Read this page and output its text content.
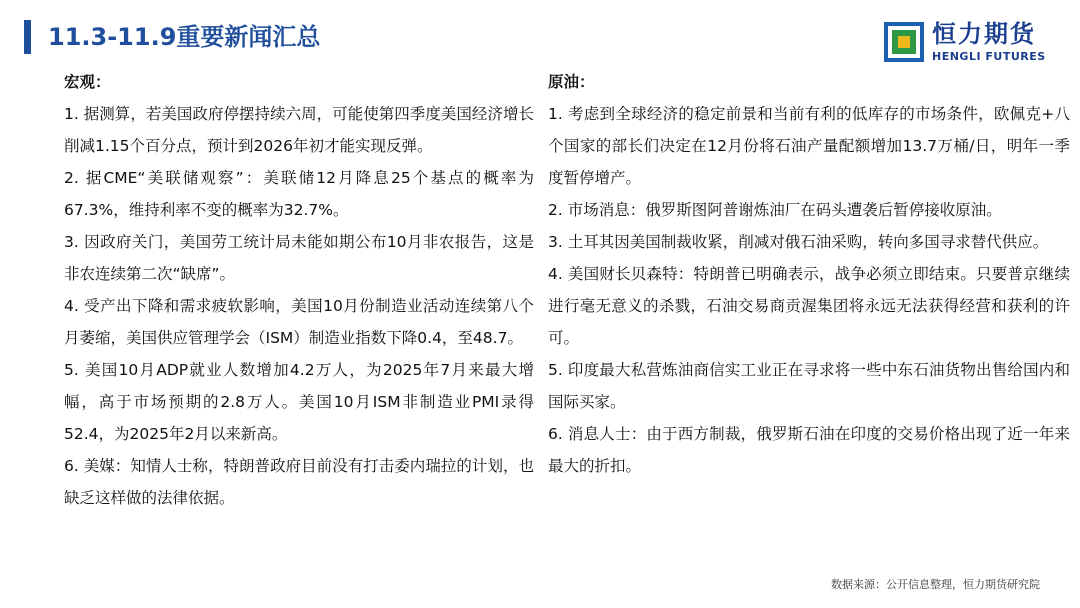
11.3-11.9重要新闻汇总	恒力期货
HENGLI FUTURES

宏观：

1. 据测算，若美国政府停摆持续六周，可能使第四季度美国经济增长削减1.15个百分点，预计到2026年初才能实现反弹。

2. 据CME“美联储观察”：美联储12月降息25个基点的概率为67.3%，维持利率不变的概率为32.7%。

3. 因政府关门，美国劳工统计局未能如期公布10月非农报告，这是非农连续第二次“缺席”。

4. 受产出下降和需求疲软影响，美国10月份制造业活动连续第八个月萎缩，美国供应管理学会（ISM）制造业指数下降0.4，至48.7。

5. 美国10月ADP就业人数增加4.2万人，为2025年7月来最大增幅，高于市场预期的2.8万人。美国10月ISM非制造业PMI录得52.4，为2025年2月以来新高。

6. 美媒：知情人士称，特朗普政府目前没有打击委内瑞拉的计划，也缺乏这样做的法律依据。

原油：

1. 考虑到全球经济的稳定前景和当前有利的低库存的市场条件，欧佩克+八个国家的部长们决定在12月份将石油产量配额增加13.7万桶/日，明年一季度暂停增产。

2. 市场消息：俄罗斯图阿普谢炼油厂在码头遭袭后暂停接收原油。

3. 土耳其因美国制裁收紧，削减对俄石油采购，转向多国寻求替代供应。

4. 美国财长贝森特：特朗普已明确表示，战争必须立即结束。只要普京继续进行毫无意义的杀戮，石油交易商贡渥集团将永远无法获得经营和获利的许可。

5. 印度最大私营炼油商信实工业正在寻求将一些中东石油货物出售给国内和国际买家。

6. 消息人士：由于西方制裁，俄罗斯石油在印度的交易价格出现了近一年来最大的折扣。

数据来源：公开信息整理，恒力期货研究院
